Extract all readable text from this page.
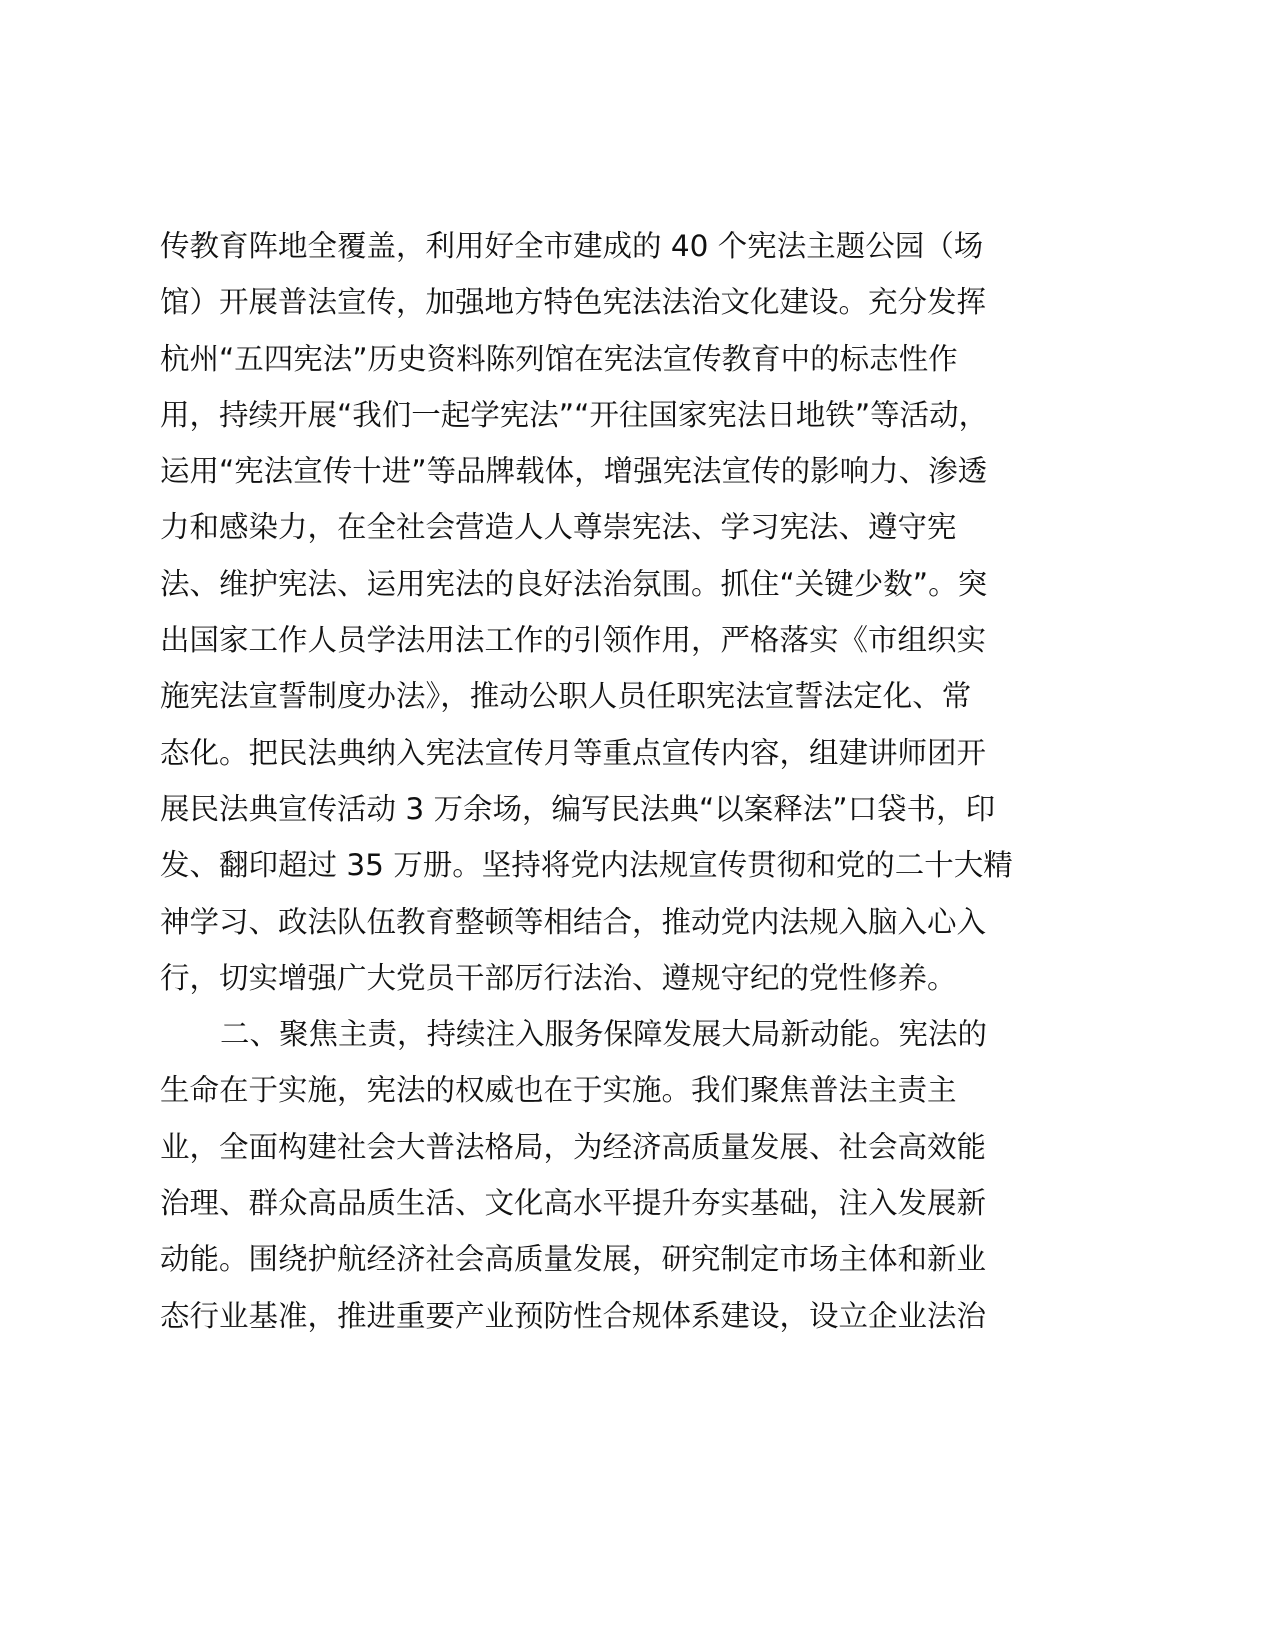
传教育阵地全覆盖，利用好全市建成的 40 个宪法主题公园（场
馆）开展普法宣传，加强地方特色宪法法治文化建设。充分发挥
杭州“五四宪法”历史资料陈列馆在宪法宣传教育中的标志性作
用，持续开展“我们一起学宪法”“开往国家宪法日地铁”等活动，
运用“宪法宣传十进”等品牌载体，增强宪法宣传的影响力、渗透
力和感染力，在全社会营造人人尊崇宪法、学习宪法、遵守宪
法、维护宪法、运用宪法的良好法治氛围。抓住“关键少数”。突
出国家工作人员学法用法工作的引领作用，严格落实《市组织实
施宪法宣誓制度办法》，推动公职人员任职宪法宣誓法定化、常
态化。把民法典纳入宪法宣传月等重点宣传内容，组建讲师团开
展民法典宣传活动 3 万余场，编写民法典“以案释法”口袋书，印
发、翻印超过 35 万册。坚持将党内法规宣传贯彻和党的二十大精
神学习、政法队伍教育整顿等相结合，推动党内法规入脑入心入
行，切实增强广大党员干部厉行法治、遵规守纪的党性修养。
二、聚焦主责，持续注入服务保障发展大局新动能。宪法的
生命在于实施，宪法的权威也在于实施。我们聚焦普法主责主
业，全面构建社会大普法格局，为经济高质量发展、社会高效能
治理、群众高品质生活、文化高水平提升夯实基础，注入发展新
动能。围绕护航经济社会高质量发展，研究制定市场主体和新业
态行业基准，推进重要产业预防性合规体系建设，设立企业法治
